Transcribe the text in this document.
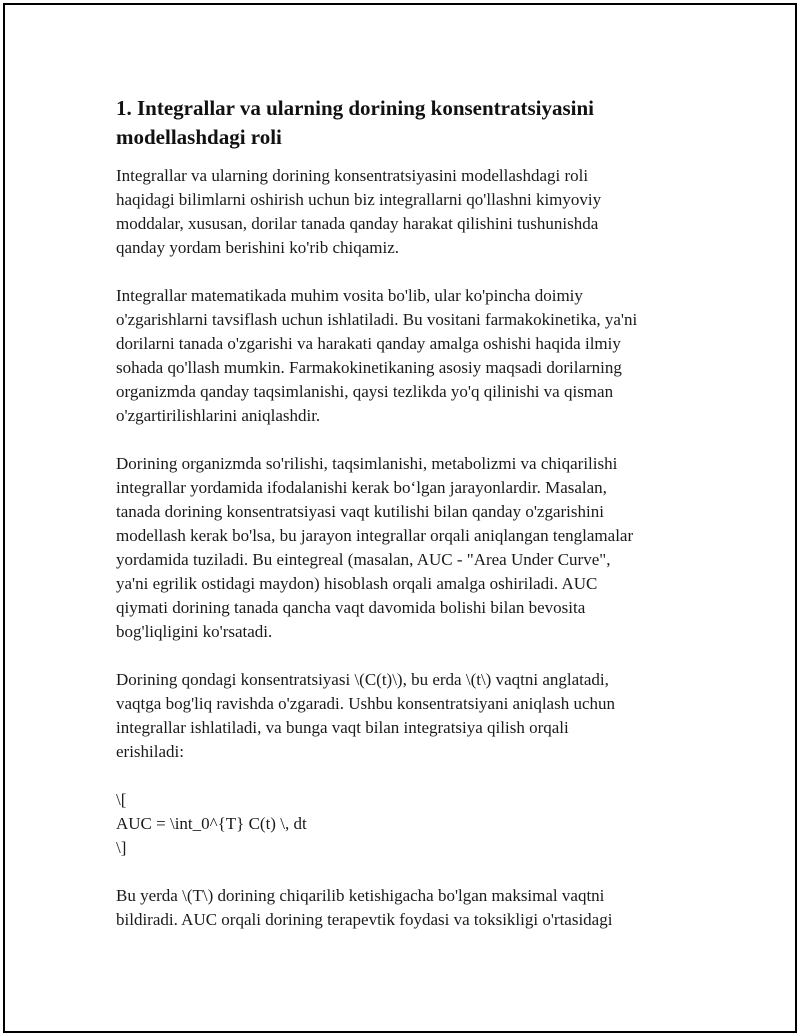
1. Integrallar va ularning dorining konsentratsiyasini
modellashdagi roli

Integrallar va ularning dorining konsentratsiyasini modellashdagi roli
haqidagi bilimlarni oshirish uchun biz integrallarni qo'llashni kimyoviy
moddalar, xususan, dorilar tanada qanday harakat qilishini tushunishda
qanday yordam berishini ko'rib chiqamiz.

Integrallar matematikada muhim vosita bo'lib, ular ko'pincha doimiy
o'zgarishlarni tavsiflash uchun ishlatiladi. Bu vositani farmakokinetika, ya'ni
dorilarni tanada o'zgarishi va harakati qanday amalga oshishi haqida ilmiy
sohada qo'llash mumkin. Farmakokinetikaning asosiy maqsadi dorilarning
organizmda qanday taqsimlanishi, qaysi tezlikda yo'q qilinishi va qisman
o'zgartirilishlarini aniqlashdir.

Dorining organizmda so'rilishi, taqsimlanishi, metabolizmi va chiqarilishi
integrallar yordamida ifodalanishi kerak bo‘lgan jarayonlardir. Masalan,
tanada dorining konsentratsiyasi vaqt kutilishi bilan qanday o'zgarishini
modellash kerak bo'lsa, bu jarayon integrallar orqali aniqlangan tenglamalar
yordamida tuziladi. Bu eintegreal (masalan, AUC - "Area Under Curve",
ya'ni egrilik ostidagi maydon) hisoblash orqali amalga oshiriladi. AUC
qiymati dorining tanada qancha vaqt davomida bolishi bilan bevosita
bog'liqligini ko'rsatadi.

Dorining qondagi konsentratsiyasi \(C(t)\), bu erda \(t\) vaqtni anglatadi,
vaqtga bog'liq ravishda o'zgaradi. Ushbu konsentratsiyani aniqlash uchun
integrallar ishlatiladi, va bunga vaqt bilan integratsiya qilish orqali
erishiladi:

\[
AUC = \int_0^{T} C(t) \, dt
\]

Bu yerda \(T\) dorining chiqarilib ketishigacha bo'lgan maksimal vaqtni
bildiradi. AUC orqali dorining terapevtik foydasi va toksikligi o'rtasidagi
